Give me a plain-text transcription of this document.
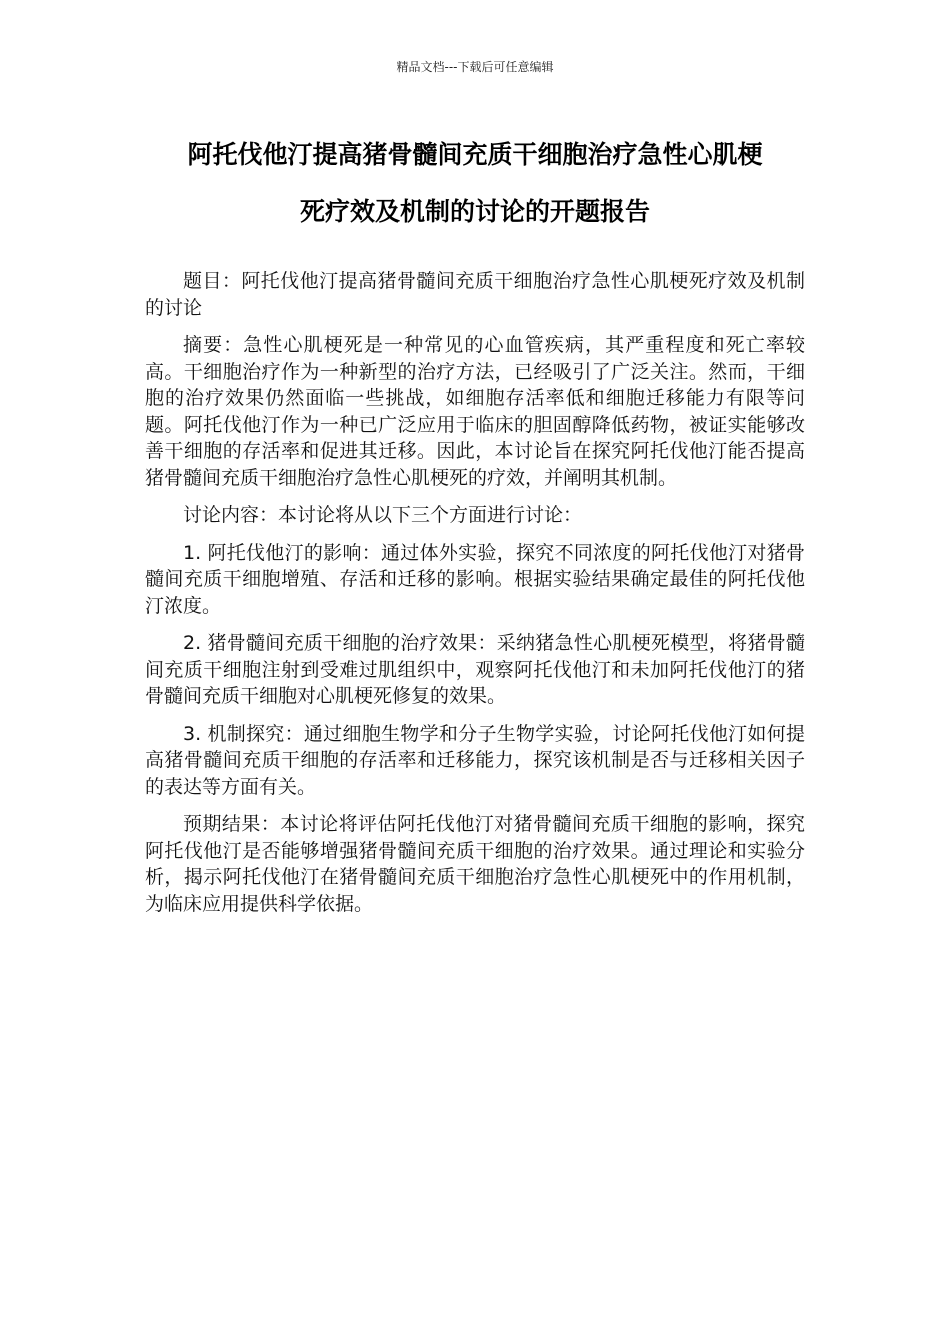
精品文档---下载后可任意编辑
阿托伐他汀提高猪骨髓间充质干细胞治疗急性心肌梗
死疗效及机制的讨论的开题报告

题目：阿托伐他汀提高猪骨髓间充质干细胞治疗急性心肌梗死疗效及机制的讨论

摘要：急性心肌梗死是一种常见的心血管疾病，其严重程度和死亡率较高。干细胞治疗作为一种新型的治疗方法，已经吸引了广泛关注。然而，干细胞的治疗效果仍然面临一些挑战，如细胞存活率低和细胞迁移能力有限等问题。阿托伐他汀作为一种已广泛应用于临床的胆固醇降低药物，被证实能够改善干细胞的存活率和促进其迁移。因此，本讨论旨在探究阿托伐他汀能否提高猪骨髓间充质干细胞治疗急性心肌梗死的疗效，并阐明其机制。

讨论内容：本讨论将从以下三个方面进行讨论：

1. 阿托伐他汀的影响：通过体外实验，探究不同浓度的阿托伐他汀对猪骨髓间充质干细胞增殖、存活和迁移的影响。根据实验结果确定最佳的阿托伐他汀浓度。

2. 猪骨髓间充质干细胞的治疗效果：采纳猪急性心肌梗死模型，将猪骨髓间充质干细胞注射到受难过肌组织中，观察阿托伐他汀和未加阿托伐他汀的猪骨髓间充质干细胞对心肌梗死修复的效果。

3. 机制探究：通过细胞生物学和分子生物学实验，讨论阿托伐他汀如何提高猪骨髓间充质干细胞的存活率和迁移能力，探究该机制是否与迁移相关因子的表达等方面有关。

预期结果：本讨论将评估阿托伐他汀对猪骨髓间充质干细胞的影响，探究阿托伐他汀是否能够增强猪骨髓间充质干细胞的治疗效果。通过理论和实验分析，揭示阿托伐他汀在猪骨髓间充质干细胞治疗急性心肌梗死中的作用机制，为临床应用提供科学依据。
